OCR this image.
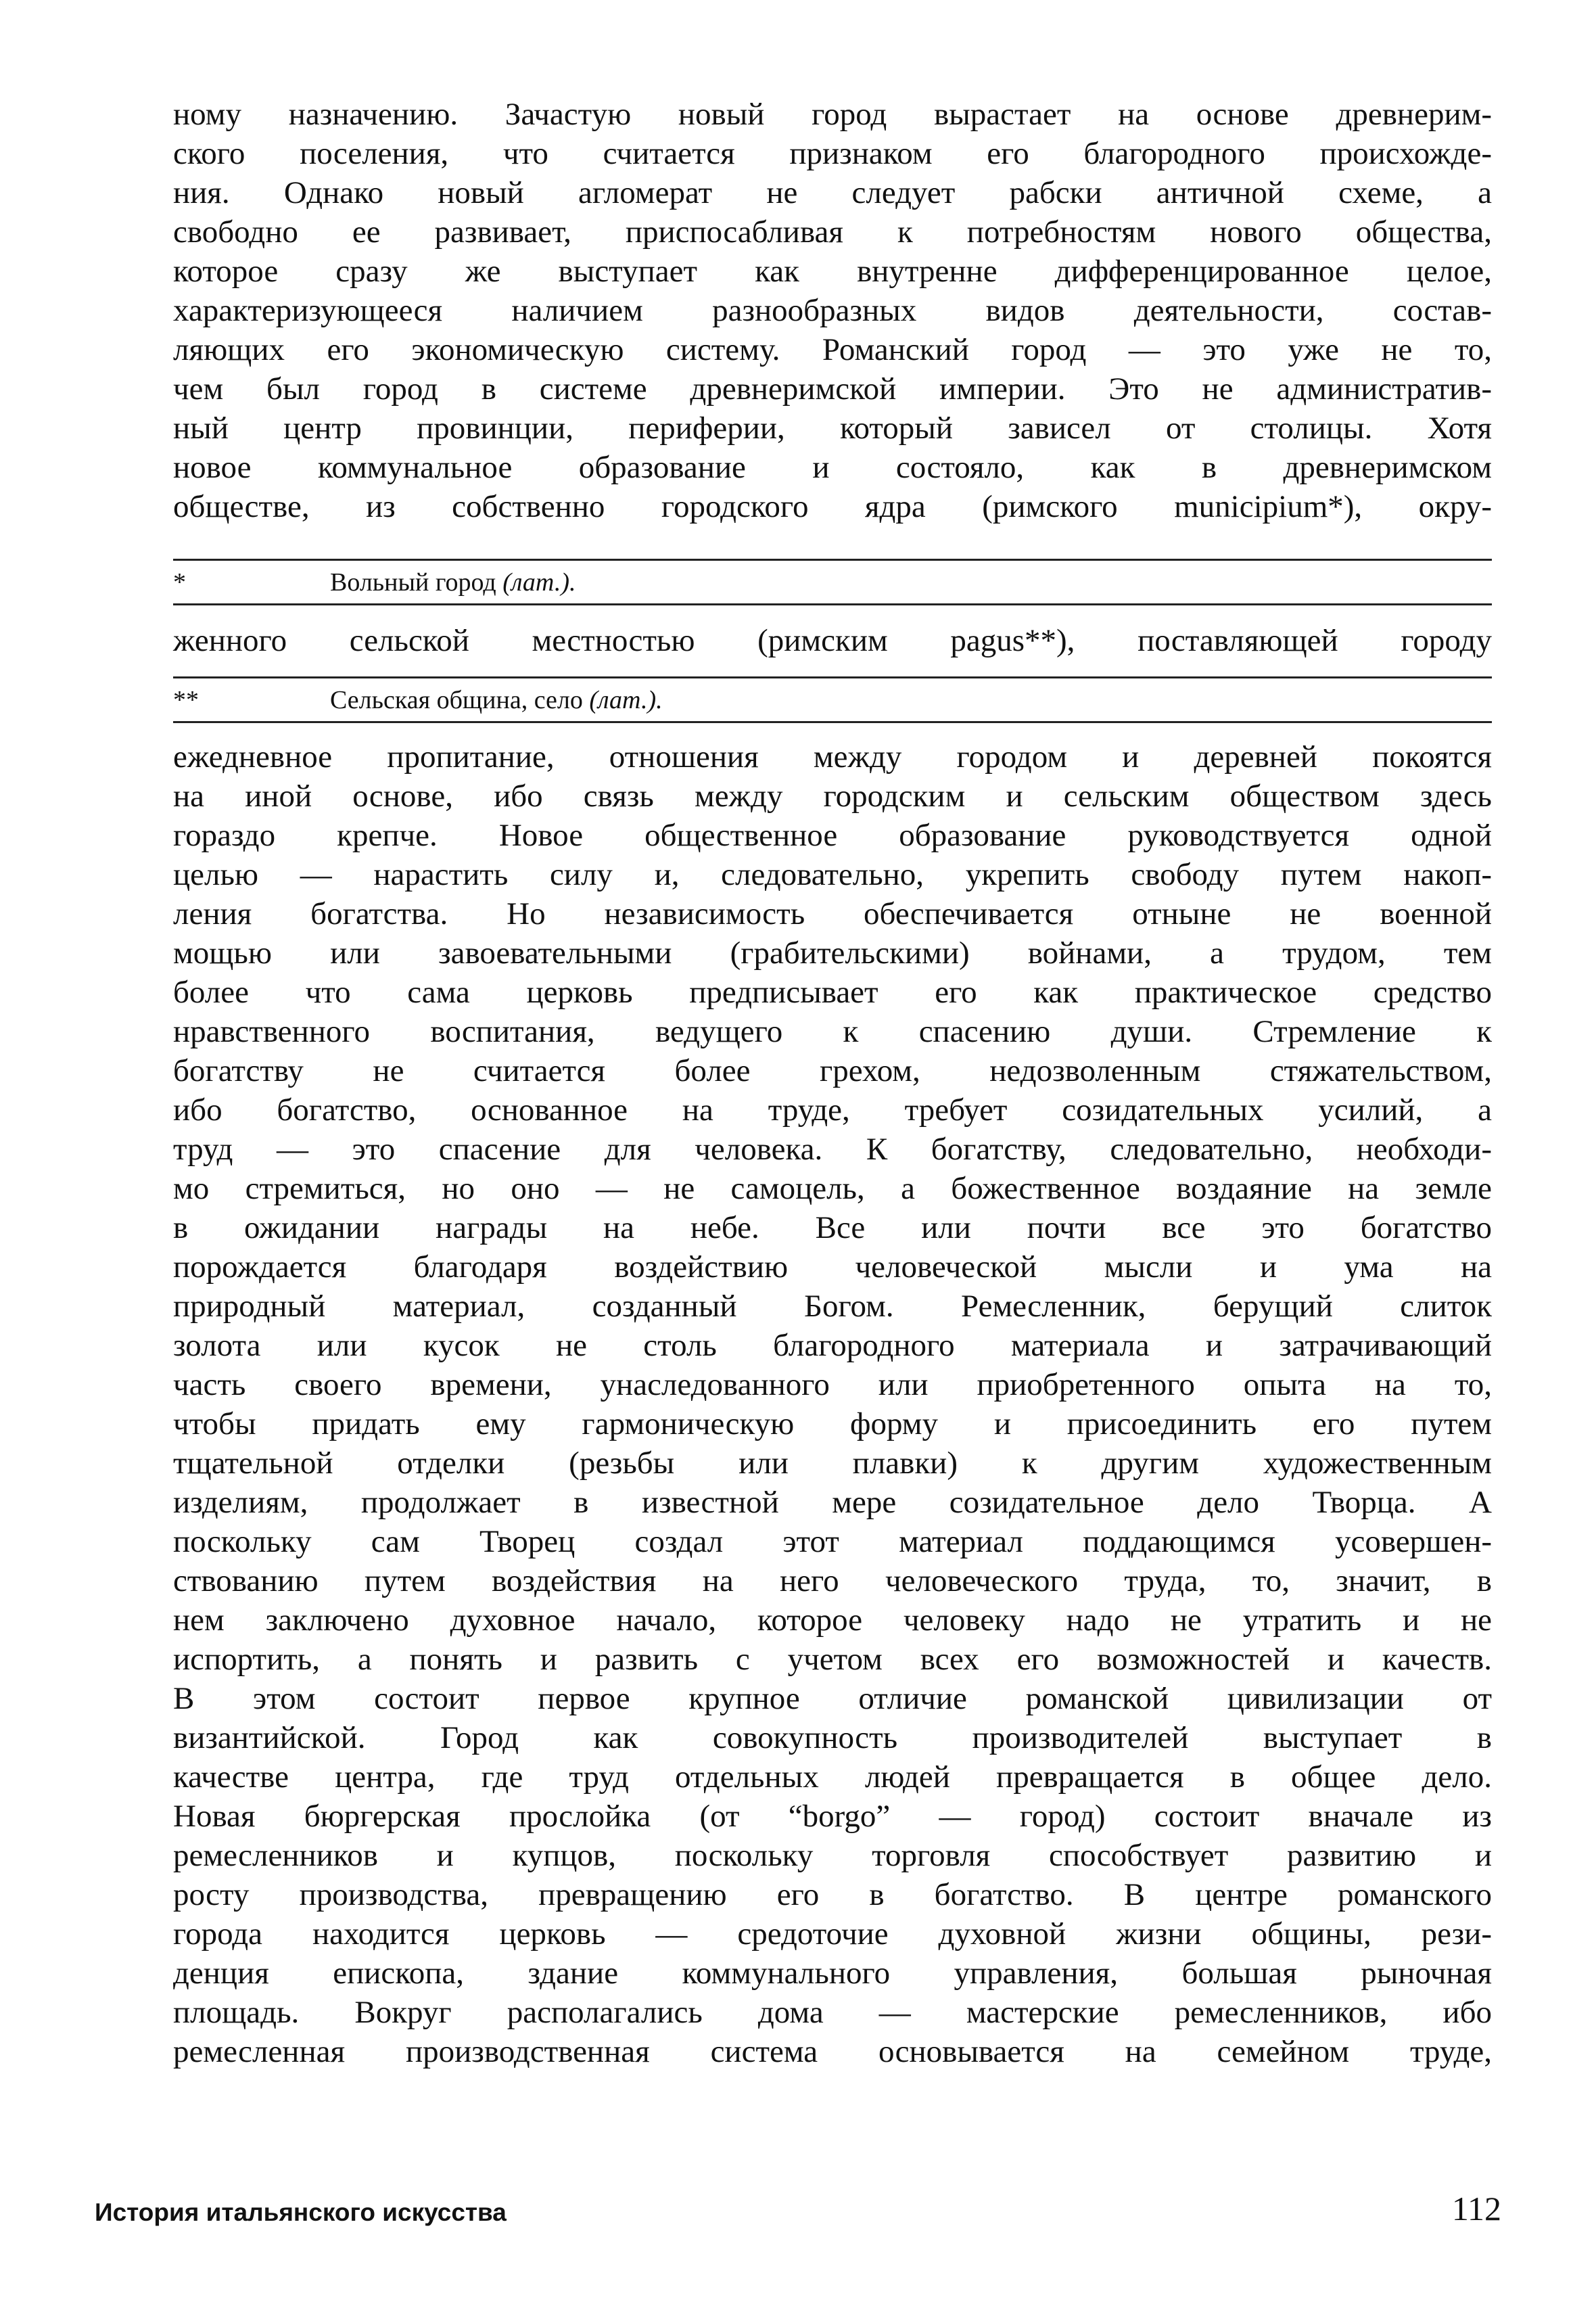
ному назначению. Зачастую новый город вырастает на основе древнерим-
ского поселения, что считается признаком его благородного происхожде-
ния. Однако новый агломерат не следует рабски античной схеме, а
свободно ее развивает, приспосабливая к потребностям нового общества,
которое сразу же выступает как внутренне дифференцированное целое,
характеризующееся наличием разнообразных видов деятельности, состав-
ляющих его экономическую систему. Романский город — это уже не то,
чем был город в системе древнеримской империи. Это не административ-
ный центр провинции, периферии, который зависел от столицы. Хотя
новое коммунальное образование и состояло, как в древнеримском
обществе, из собственно городского ядра (римского municipium*), окру-
*	Вольный город (лат.).
женного сельской местностью (римским pagus**), поставляющей городу
**	Сельская община, село (лат.).
ежедневное пропитание, отношения между городом и деревней покоятся
на иной основе, ибо связь между городским и сельским обществом здесь
гораздо крепче. Новое общественное образование руководствуется одной
целью — нарастить силу и, следовательно, укрепить свободу путем накоп-
ления богатства. Но независимость обеспечивается отныне не военной
мощью или завоевательными (грабительскими) войнами, а трудом, тем
более что сама церковь предписывает его как практическое средство
нравственного воспитания, ведущего к спасению души. Стремление к
богатству не считается более грехом, недозволенным стяжательством,
ибо богатство, основанное на труде, требует созидательных усилий, а
труд — это спасение для человека. К богатству, следовательно, необходи-
мо стремиться, но оно — не самоцель, а божественное воздаяние на земле
в ожидании награды на небе. Все или почти все это богатство
порождается благодаря воздействию человеческой мысли и ума на
природный материал, созданный Богом. Ремесленник, берущий слиток
золота или кусок не столь благородного материала и затрачивающий
часть своего времени, унаследованного или приобретенного опыта на то,
чтобы придать ему гармоническую форму и присоединить его путем
тщательной отделки (резьбы или плавки) к другим художественным
изделиям, продолжает в известной мере созидательное дело Творца. А
поскольку сам Творец создал этот материал поддающимся усовершен-
ствованию путем воздействия на него человеческого труда, то, значит, в
нем заключено духовное начало, которое человеку надо не утратить и не
испортить, а понять и развить с учетом всех его возможностей и качеств.
В этом состоит первое крупное отличие романской цивилизации от
византийской. Город как совокупность производителей выступает в
качестве центра, где труд отдельных людей превращается в общее дело.
Новая бюргерская прослойка (от “borgo” — город) состоит вначале из
ремесленников и купцов, поскольку торговля способствует развитию и
росту производства, превращению его в богатство. В центре романского
города находится церковь — средоточие духовной жизни общины, рези-
денция епископа, здание коммунального управления, большая рыночная
площадь. Вокруг располагались дома — мастерские ремесленников, ибо
ремесленная производственная система основывается на семейном труде,
История итальянского искусства	112
